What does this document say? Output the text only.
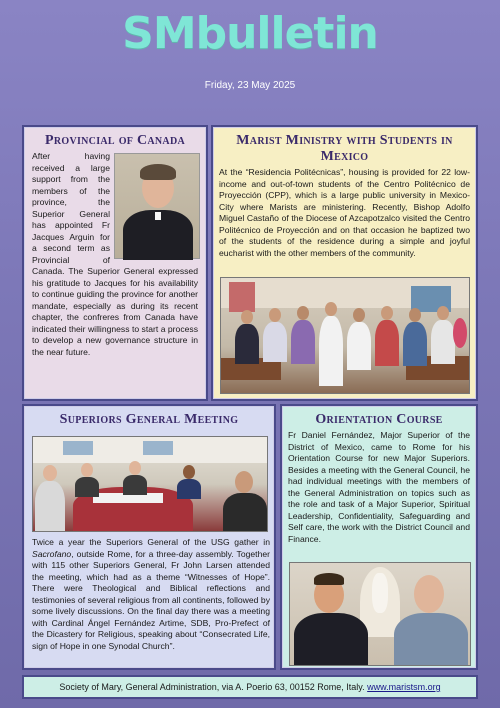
SMbulletin
Friday, 23 May 2025
Provincial of Canada

After having received a large support from the members of the province, the Superior General has appointed Fr Jacques Arguin for a second term as Provincial of Canada. The Superior General expressed his gratitude to Jacques for his availability to continue guiding the province for another mandate, especially as during its recent chapter, the confreres from Canada have indicated their willingness to start a process to develop a new governance structure in the near future.

Marist Ministry with Students in Mexico

At the “Residencia Politécnicas”, housing is provided for 22 low-income and out-of-town students of the Centro Politécnico de Proyección (CPP), which is a large public university in Mexico-City where Marists are ministering. Recently, Bishop Adolfo Miguel Castaño of the Diocese of Azcapotzalco visited the Centro Politécnico de Proyección and on that occasion he baptized two of the students of the residence during a simple and joyful eucharist with the other members of the community.

Superiors General Meeting

Twice a year the Superiors General of the USG gather in Sacrofano, outside Rome, for a three-day assembly. Together with 115 other Superiors General, Fr John Larsen attended the meeting, which had as a theme “Witnesses of Hope”. There were Theological and Biblical reflections and testimonies of several religious from all continents, followed by some lively discussions. On the final day there was a meeting with Cardinal Ángel Fernández Artime, SDB, Pro-Prefect of the Dicastery for Religious, speaking about “Consecrated Life, sign of Hope in one Synodal Church”.

Orientation Course

Fr Daniel Fernández, Major Superior of the District of Mexico, came to Rome for his Orientation Course for new Major Superiors. Besides a meeting with the General Council, he had individual meetings with the members of the General Administration on topics such as the role and task of a Major Superior, Spiritual Leadership, Confidentiality, Safeguarding and Self care, the work with the District Council and Finance.

Society of Mary, General Administration, via A. Poerio 63, 00152 Rome, Italy. www.maristsm.org
